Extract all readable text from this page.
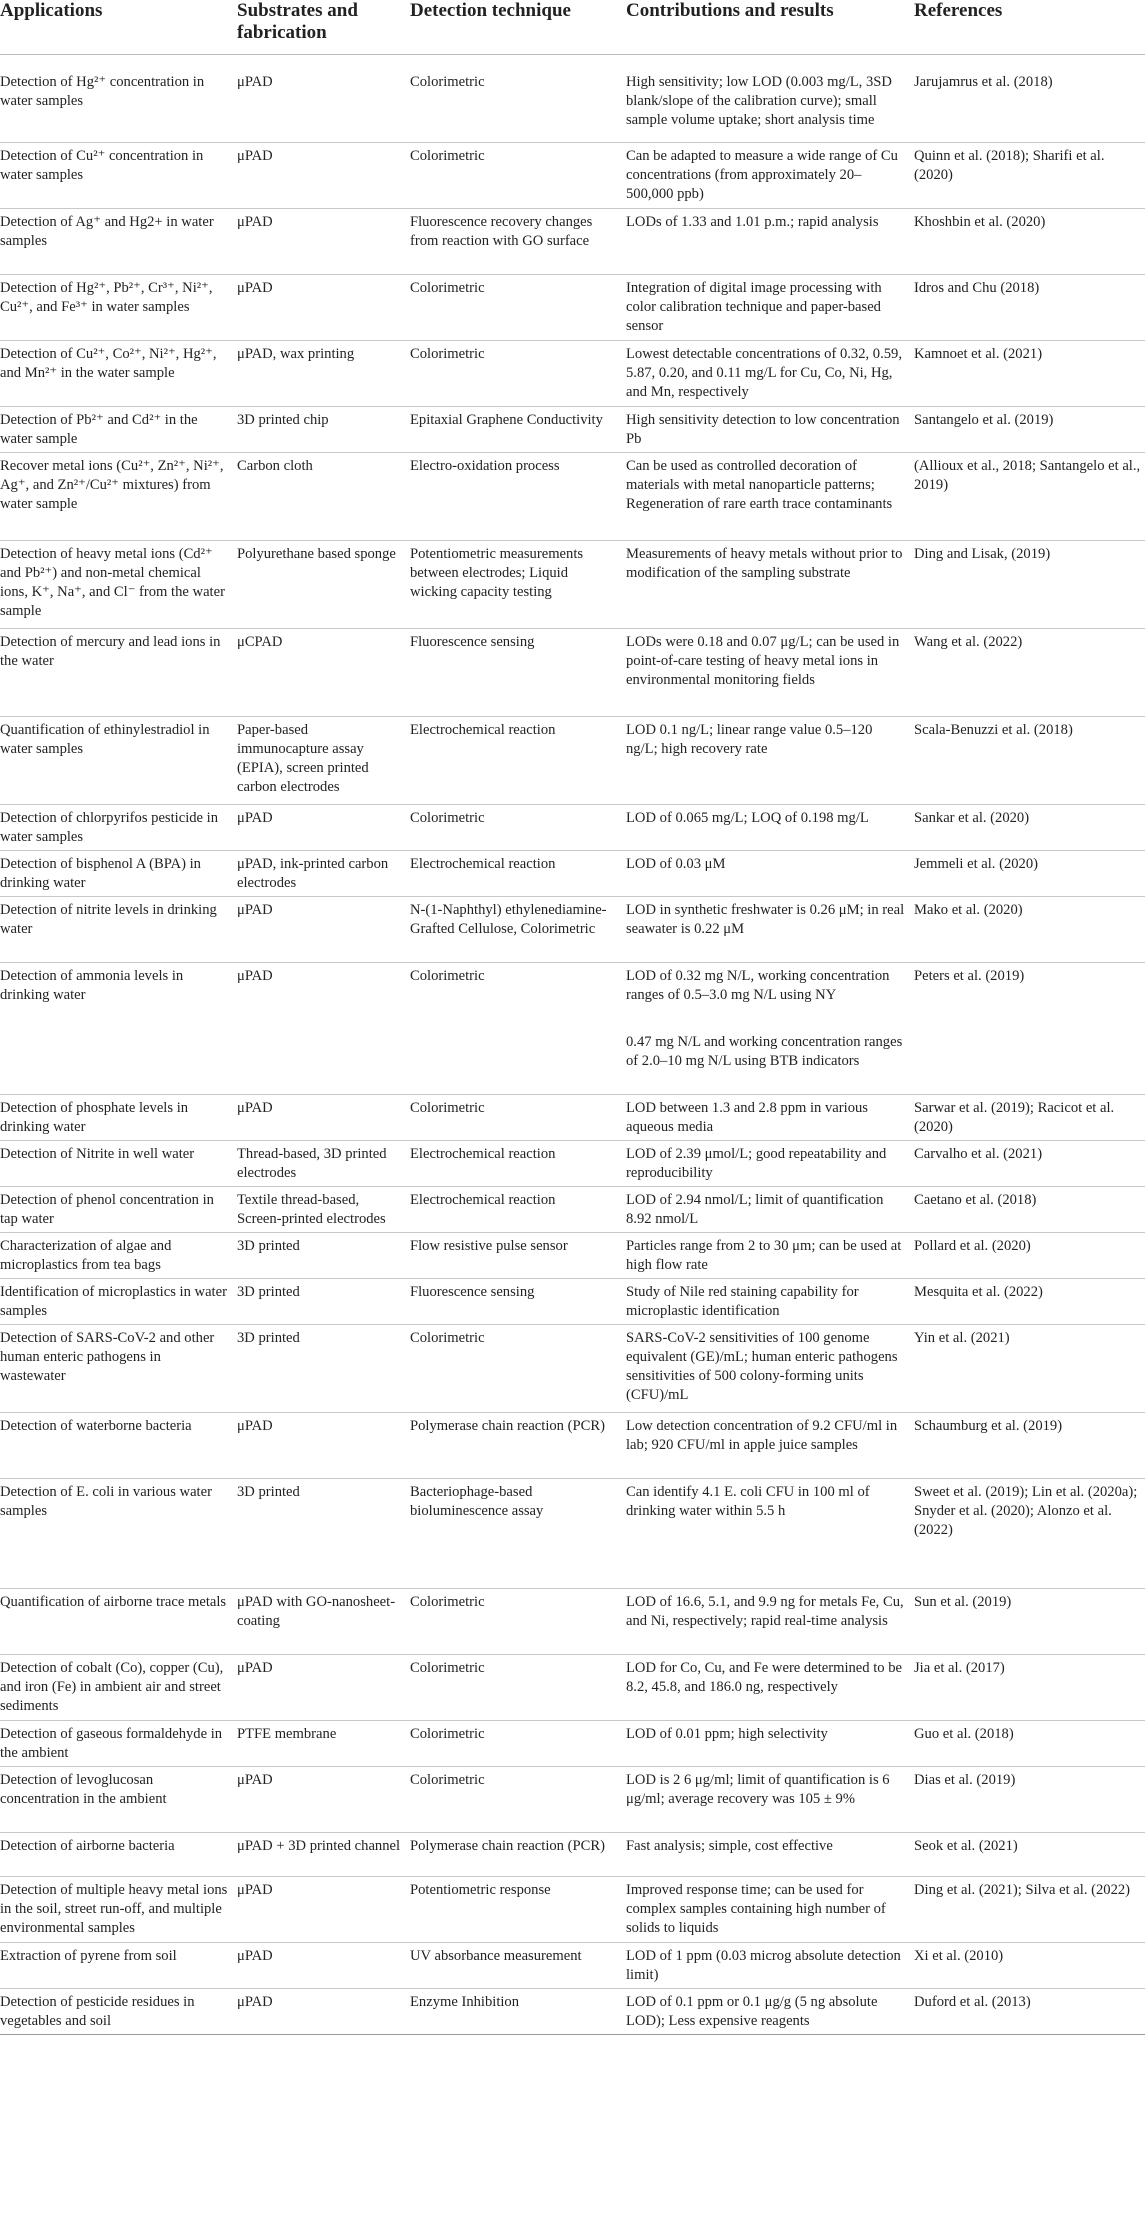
Applications	Substrates and fabrication	Detection technique	Contributions and results	References
Detection of Hg²⁺ concentration in water samples	μPAD	Colorimetric	High sensitivity; low LOD (0.003 mg/L, 3SD blank/slope of the calibration curve); small sample volume uptake; short analysis time	Jarujamrus et al. (2018)
Detection of Cu²⁺ concentration in water samples	μPAD	Colorimetric	Can be adapted to measure a wide range of Cu concentrations (from approximately 20–500,000 ppb)	Quinn et al. (2018); Sharifi et al. (2020)
Detection of Ag⁺ and Hg2+ in water samples	μPAD	Fluorescence recovery changes from reaction with GO surface	LODs of 1.33 and 1.01 p.m.; rapid analysis	Khoshbin et al. (2020)
Detection of Hg²⁺, Pb²⁺, Cr³⁺, Ni²⁺, Cu²⁺, and Fe³⁺ in water samples	μPAD	Colorimetric	Integration of digital image processing with color calibration technique and paper-based sensor	Idros and Chu (2018)
Detection of Cu²⁺, Co²⁺, Ni²⁺, Hg²⁺, and Mn²⁺ in the water sample	μPAD, wax printing	Colorimetric	Lowest detectable concentrations of 0.32, 0.59, 5.87, 0.20, and 0.11 mg/L for Cu, Co, Ni, Hg, and Mn, respectively	Kamnoet et al. (2021)
Detection of Pb²⁺ and Cd²⁺ in the water sample	3D printed chip	Epitaxial Graphene Conductivity	High sensitivity detection to low concentration Pb	Santangelo et al. (2019)
Recover metal ions (Cu²⁺, Zn²⁺, Ni²⁺, Ag⁺, and Zn²⁺/Cu²⁺ mixtures) from water sample	Carbon cloth	Electro-oxidation process	Can be used as controlled decoration of materials with metal nanoparticle patterns; Regeneration of rare earth trace contaminants	(Allioux et al., 2018; Santangelo et al., 2019)
Detection of heavy metal ions (Cd²⁺ and Pb²⁺) and non-metal chemical ions, K⁺, Na⁺, and Cl⁻ from the water sample	Polyurethane based sponge	Potentiometric measurements between electrodes; Liquid wicking capacity testing	Measurements of heavy metals without prior to modification of the sampling substrate	Ding and Lisak, (2019)
Detection of mercury and lead ions in the water	μCPAD	Fluorescence sensing	LODs were 0.18 and 0.07 μg/L; can be used in point-of-care testing of heavy metal ions in environmental monitoring fields	Wang et al. (2022)
Quantification of ethinylestradiol in water samples	Paper-based immunocapture assay (EPIA), screen printed carbon electrodes	Electrochemical reaction	LOD 0.1 ng/L; linear range value 0.5–120 ng/L; high recovery rate	Scala-Benuzzi et al. (2018)
Detection of chlorpyrifos pesticide in water samples	μPAD	Colorimetric	LOD of 0.065 mg/L; LOQ of 0.198 mg/L	Sankar et al. (2020)
Detection of bisphenol A (BPA) in drinking water	μPAD, ink-printed carbon electrodes	Electrochemical reaction	LOD of 0.03 μM	Jemmeli et al. (2020)
Detection of nitrite levels in drinking water	μPAD	N-(1-Naphthyl) ethylenediamine-Grafted Cellulose, Colorimetric	LOD in synthetic freshwater is 0.26 μM; in real seawater is 0.22 μM	Mako et al. (2020)
Detection of ammonia levels in drinking water	μPAD	Colorimetric	LOD of 0.32 mg N/L, working concentration ranges of 0.5–3.0 mg N/L using NY	Peters et al. (2019)
			0.47 mg N/L and working concentration ranges of 2.0–10 mg N/L using BTB indicators	
Detection of phosphate levels in drinking water	μPAD	Colorimetric	LOD between 1.3 and 2.8 ppm in various aqueous media	Sarwar et al. (2019); Racicot et al. (2020)
Detection of Nitrite in well water	Thread-based, 3D printed electrodes	Electrochemical reaction	LOD of 2.39 μmol/L; good repeatability and reproducibility	Carvalho et al. (2021)
Detection of phenol concentration in tap water	Textile thread-based, Screen-printed electrodes	Electrochemical reaction	LOD of 2.94 nmol/L; limit of quantification 8.92 nmol/L	Caetano et al. (2018)
Characterization of algae and microplastics from tea bags	3D printed	Flow resistive pulse sensor	Particles range from 2 to 30 μm; can be used at high flow rate	Pollard et al. (2020)
Identification of microplastics in water samples	3D printed	Fluorescence sensing	Study of Nile red staining capability for microplastic identification	Mesquita et al. (2022)
Detection of SARS-CoV-2 and other human enteric pathogens in wastewater	3D printed	Colorimetric	SARS-CoV-2 sensitivities of 100 genome equivalent (GE)/mL; human enteric pathogens sensitivities of 500 colony-forming units (CFU)/mL	Yin et al. (2021)
Detection of waterborne bacteria	μPAD	Polymerase chain reaction (PCR)	Low detection concentration of 9.2 CFU/ml in lab; 920 CFU/ml in apple juice samples	Schaumburg et al. (2019)
Detection of E. coli in various water samples	3D printed	Bacteriophage-based bioluminescence assay	Can identify 4.1 E. coli CFU in 100 ml of drinking water within 5.5 h	Sweet et al. (2019); Lin et al. (2020a); Snyder et al. (2020); Alonzo et al. (2022)
Quantification of airborne trace metals	μPAD with GO-nanosheet-coating	Colorimetric	LOD of 16.6, 5.1, and 9.9 ng for metals Fe, Cu, and Ni, respectively; rapid real-time analysis	Sun et al. (2019)
Detection of cobalt (Co), copper (Cu), and iron (Fe) in ambient air and street sediments	μPAD	Colorimetric	LOD for Co, Cu, and Fe were determined to be 8.2, 45.8, and 186.0 ng, respectively	Jia et al. (2017)
Detection of gaseous formaldehyde in the ambient	PTFE membrane	Colorimetric	LOD of 0.01 ppm; high selectivity	Guo et al. (2018)
Detection of levoglucosan concentration in the ambient	μPAD	Colorimetric	LOD is 2 6 μg/ml; limit of quantification is 6 μg/ml; average recovery was 105 ± 9%	Dias et al. (2019)
Detection of airborne bacteria	μPAD + 3D printed channel	Polymerase chain reaction (PCR)	Fast analysis; simple, cost effective	Seok et al. (2021)
Detection of multiple heavy metal ions in the soil, street run-off, and multiple environmental samples	μPAD	Potentiometric response	Improved response time; can be used for complex samples containing high number of solids to liquids	Ding et al. (2021); Silva et al. (2022)
Extraction of pyrene from soil	μPAD	UV absorbance measurement	LOD of 1 ppm (0.03 microg absolute detection limit)	Xi et al. (2010)
Detection of pesticide residues in vegetables and soil	μPAD	Enzyme Inhibition	LOD of 0.1 ppm or 0.1 μg/g (5 ng absolute LOD); Less expensive reagents	Duford et al. (2013)
